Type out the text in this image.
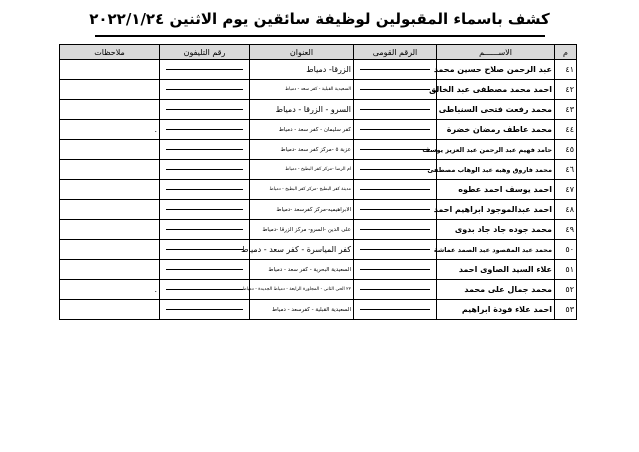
كشف باسماء المقبولين لوظيفة سائقين يوم الاثنين ٢٠٢٢/١/٢٤
م	الاســــــم	الرقم القومى	العنوان	رقم التليفون	ملاحظات
٤١	عبد الرحمن صلاح حسين محمد		الزرقا- دمياط	

٤٢	احمد محمد مصطفى عبد الخالق		السعيدية القبلية - كفر سعد - دمياط	

٤٣	محمد رفعت فتحى السنباطى		السرو - الزرقا - دمياط	

٤٤	محمد عاطف رمضان خضرة		كفر سليمان - كفر سعد - دمياط		.
٤٥	حامد فهيم عبد الرحمن عبد العزيز يوسف		عزبة ٥ -مركز كفر سعد -دمياط	

٤٦	محمد فاروق وهبه عبد الوهاب مصطفى		ام الرضا -مركز كفر البطيخ - دمياط	

٤٧	احمد يوسف احمد عطوه		مدينة كفر البطيخ -مركز كفر البطيخ - دمياط	

٤٨	احمد عبدالموجود ابراهيم احمد		الابراهيميه-مركز كفرسعد -دمياط	

٤٩	محمد جوده جاد جاد بدوى		على الدين -السرو- مركز الزرقا -دمياط	

٥٠	محمد عبد المقصود عبد الصمد عماشة		كفر المياسرة - كفر سعد - دمياط	

٥١	علاء السيد الصاوى احمد		السعيدية البحرية - كفر سعد - دمياط	

٥٢	محمد جمال على محمد		٢٢ الحى الثانى - المجاورة الرابعة - دمياط الجديدة - دمياط		.
٥٣	احمد علاء فودة ابراهيم		السعيدية القبلية - كفرسعد - دمياط	
